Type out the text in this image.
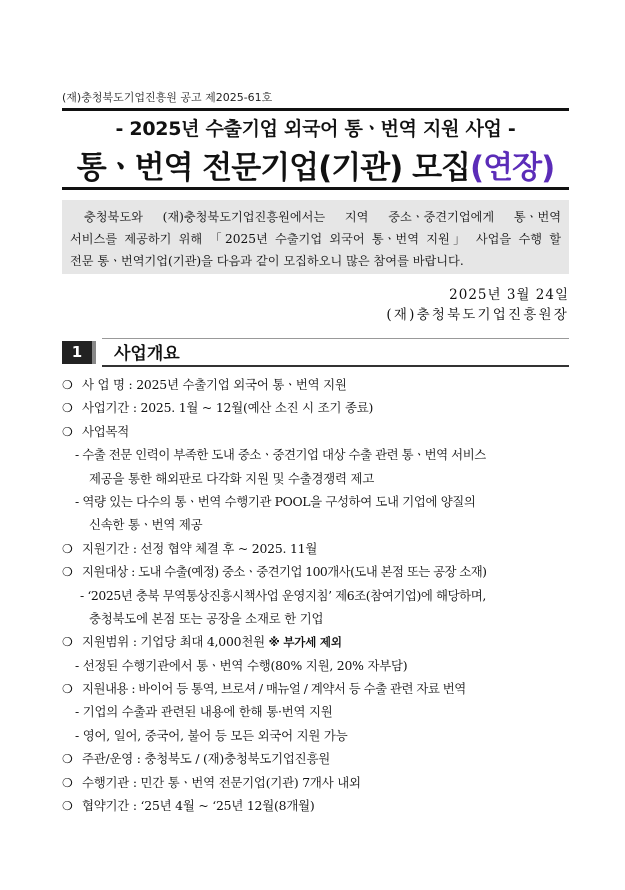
(재)충청북도기업진흥원 공고 제2025-61호
- 2025년 수출기업 외국어 통ㆍ번역 지원 사업 -
통ㆍ번역 전문기업(기관) 모집(연장)

충청북도와 (재)충청북도기업진흥원에서는 지역 중소ㆍ중견기업에게 통ㆍ번역
서비스를 제공하기 위해 「2025년 수출기업 외국어 통ㆍ번역 지원」 사업을 수행 할
전문 통ㆍ번역기업(기관)을 다음과 같이 모집하오니 많은 참여를 바랍니다.

2025년 3월 24일
(재)충청북도기업진흥원장
1	사업개요
❍ 사 업 명 : 2025년 수출기업 외국어 통ㆍ번역 지원
❍ 사업기간 : 2025. 1월 ~ 12월(예산 소진 시 조기 종료)
❍ 사업목적
- 수출 전문 인력이 부족한 도내 중소ㆍ중견기업 대상 수출 관련 통ㆍ번역 서비스
제공을 통한 해외판로 다각화 지원 및 수출경쟁력 제고
- 역량 있는 다수의 통ㆍ번역 수행기관 POOL을 구성하여 도내 기업에 양질의
신속한 통ㆍ번역 제공
❍ 지원기간 : 선정 협약 체결 후 ~ 2025. 11월
❍ 지원대상 : 도내 수출(예정) 중소ㆍ중견기업 100개사(도내 본점 또는 공장 소재)
- ‘2025년 충북 무역통상진흥시책사업 운영지침’ 제6조(참여기업)에 해당하며,
충청북도에 본점 또는 공장을 소재로 한 기업
❍ 지원범위 : 기업당 최대 4,000천원 ※ 부가세 제외
- 선정된 수행기관에서 통ㆍ번역 수행(80% 지원, 20% 자부담)
❍ 지원내용 : 바이어 등 통역, 브로셔 / 매뉴얼 / 계약서 등 수출 관련 자료 번역
- 기업의 수출과 관련된 내용에 한해 통·번역 지원
- 영어, 일어, 중국어, 불어 등 모든 외국어 지원 가능
❍ 주관/운영 : 충청북도 / (재)충청북도기업진흥원
❍ 수행기관 : 민간 통ㆍ번역 전문기업(기관) 7개사 내외
❍ 협약기간 : ‘25년 4월 ~ ‘25년 12월(8개월)
